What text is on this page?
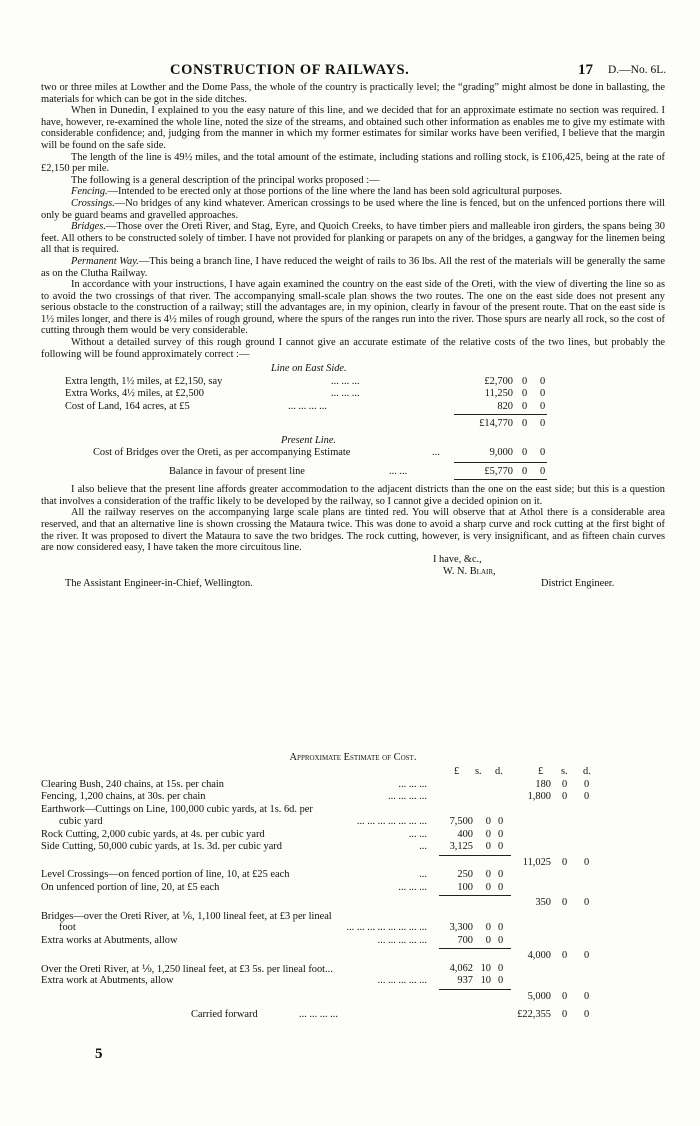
CONSTRUCTION OF RAILWAYS.	17 D.—No. 6L.

two or three miles at Lowther and the Dome Pass, the whole of the country is practically level; the “grading” might almost be done in ballasting, the materials for which can be got in the side ditches.

When in Dunedin, I explained to you the easy nature of this line, and we decided that for an approximate estimate no section was required. I have, however, re-examined the whole line, noted the size of the streams, and obtained such other information as enables me to give my estimate with considerable confidence; and, judging from the manner in which my former estimates for similar works have been verified, I believe that the margin will be found on the safe side.

The length of the line is 49½ miles, and the total amount of the estimate, including stations and rolling stock, is £106,425, being at the rate of £2,150 per mile.

The following is a general description of the principal works proposed :—

Fencing.—Intended to be erected only at those portions of the line where the land has been sold agricultural purposes.

Crossings.—No bridges of any kind whatever. American crossings to be used where the line is fenced, but on the unfenced portions there will only be guard beams and gravelled approaches.

Bridges.—Those over the Oreti River, and Stag, Eyre, and Quoich Creeks, to have timber piers and malleable iron girders, the spans being 30 feet. All others to be constructed solely of timber. I have not provided for planking or parapets on any of the bridges, a gangway for the linemen being all that is required.

Permanent Way.—This being a branch line, I have reduced the weight of rails to 36 lbs. All the rest of the materials will be generally the same as on the Clutha Railway.

In accordance with your instructions, I have again examined the country on the east side of the Oreti, with the view of diverting the line so as to avoid the two crossings of that river. The accompanying small-scale plan shows the two routes. The one on the east side does not present any serious obstacle to the construction of a railway; still the advantages are, in my opinion, clearly in favour of the present route. That on the east side is 1½ miles longer, and there is 4½ miles of rough ground, where the spurs of the ranges run into the river. Those spurs are nearly all rock, so the cost of cutting through them would be very considerable.

Without a detailed survey of this rough ground I cannot give an accurate estimate of the relative costs of the two lines, but probably the following will be found approximately correct :—

Line on East Side.
Extra length, 1½ miles, at £2,150, say	... ... ...	£2,700 0 0
Extra Works, 4½ miles, at £2,500	... ... ...	11,250 0 0
Cost of Land, 164 acres, at £5	... ... ... ...	820 0 0
£14,770 0 0
Present Line.
Cost of Bridges over the Oreti, as per accompanying Estimate	...	9,000 0 0
Balance in favour of present line	... ...	£5,770 0 0

I also believe that the present line affords greater accommodation to the adjacent districts than the one on the east side; but this is a question that involves a consideration of the traffic likely to be developed by the railway, so I cannot give a decided opinion on it.

All the railway reserves on the accompanying large scale plans are tinted red. You will observe that at Athol there is a considerable area reserved, and that an alternative line is shown crossing the Mataura twice. This was done to avoid a sharp curve and rock cutting at the first bight of the river. It was proposed to divert the Mataura to save the two bridges. The rock cutting, however, is very insignificant, and as fifteen chain curves are now considered easy, I have taken the more circuitous line.

I have, &c.,
W. N. Blair,
District Engineer.
The Assistant Engineer-in-Chief, Wellington.
Approximate Estimate of Cost.
£ s. d.	£ s. d.
Clearing Bush, 240 chains, at 15s. per chain	... ... ...	180 0 0
Fencing, 1,200 chains, at 30s. per chain	... ... ... ...	1,800 0 0
Earthwork—Cuttings on Line, 100,000 cubic yards, at 1s. 6d. per
cubic yard	... ... ... ... ... ... ...	7,500	0 0
Rock Cutting, 2,000 cubic yards, at 4s. per cubic yard	... ...	400	0 0
Side Cutting, 50,000 cubic yards, at 1s. 3d. per cubic yard	...	3,125	0 0
11,025 0 0
Level Crossings—on fenced portion of line, 10, at £25 each	...	250	0 0
On unfenced portion of line, 20, at £5 each	... ... ...	100	0 0
350 0 0
Bridges—over the Oreti River, at ⅙, 1,100 lineal feet, at £3 per lineal
foot	... ... ... ... ... ... ... ...	3,300	0 0
Extra works at Abutments, allow	... ... ... ... ...	700	0 0
4,000 0 0
Over the Oreti River, at ⅑, 1,250 lineal feet, at £3 5s. per lineal foot...	4,062 10 0
Extra work at Abutments, allow	... ... ... ... ...	937 10 0
5,000 0 0
Carried forward	... ... ... ...	£22,355 0 0
5
